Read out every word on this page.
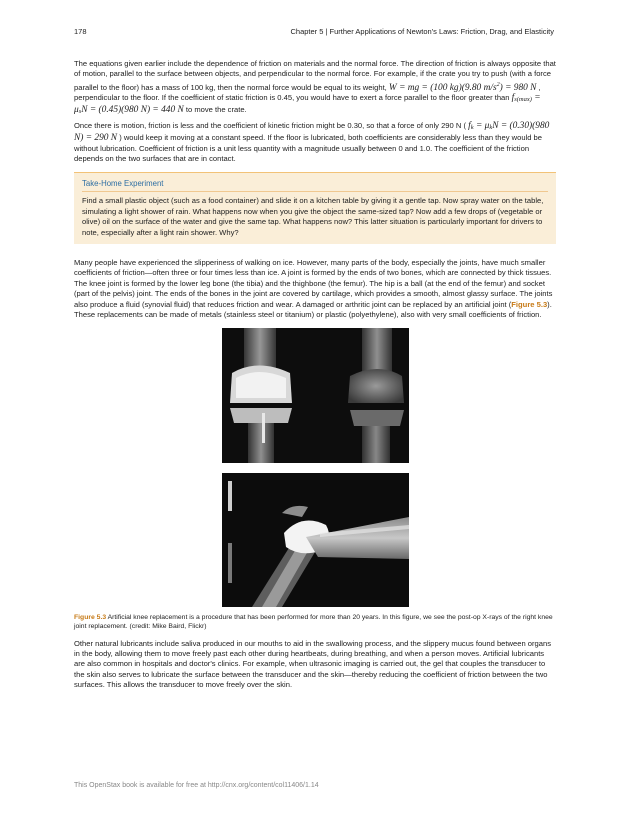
178	Chapter 5 | Further Applications of Newton's Laws: Friction, Drag, and Elasticity

The equations given earlier include the dependence of friction on materials and the normal force. The direction of friction is always opposite that of motion, parallel to the surface between objects, and perpendicular to the normal force. For example, if the crate you try to push (with a force parallel to the floor) has a mass of 100 kg, then the normal force would be equal to its weight, W = mg = (100 kg)(9.80 $m/s^2) = 980$ N , perpendicular to the floor. If the coefficient of static friction is 0.45, you would have to exert a force parallel to the floor greater than fs(max) = μsN = (0.45)(980 N) = 440 N to move the crate.

Once there is motion, friction is less and the coefficient of kinetic friction might be 0.30, so that a force of only 290 N ( fk = μkN = (0.30)(980 N) = 290 N ) would keep it moving at a constant speed. If the floor is lubricated, both coefficients are considerably less than they would be without lubrication. Coefficient of friction is a unit less quantity with a magnitude usually between 0 and 1.0. The coefficient of the friction depends on the two surfaces that are in contact.

Take-Home Experiment

Find a small plastic object (such as a food container) and slide it on a kitchen table by giving it a gentle tap. Now spray water on the table, simulating a light shower of rain. What happens now when you give the object the same-sized tap? Now add a few drops of (vegetable or olive) oil on the surface of the water and give the same tap. What happens now? This latter situation is particularly important for drivers to note, especially after a light rain shower. Why?

Many people have experienced the slipperiness of walking on ice. However, many parts of the body, especially the joints, have much smaller coefficients of friction—often three or four times less than ice. A joint is formed by the ends of two bones, which are connected by thick tissues. The knee joint is formed by the lower leg bone (the tibia) and the thighbone (the femur). The hip is a ball (at the end of the femur) and socket (part of the pelvis) joint. The ends of the bones in the joint are covered by cartilage, which provides a smooth, almost glassy surface. The joints also produce a fluid (synovial fluid) that reduces friction and wear. A damaged or arthritic joint can be replaced by an artificial joint (Figure 5.3). These replacements can be made of metals (stainless steel or titanium) or plastic (polyethylene), also with very small coefficients of friction.

Figure 5.3 Artificial knee replacement is a procedure that has been performed for more than 20 years. In this figure, we see the post-op X-rays of the right knee joint replacement. (credit: Mike Baird, Flickr)

Other natural lubricants include saliva produced in our mouths to aid in the swallowing process, and the slippery mucus found between organs in the body, allowing them to move freely past each other during heartbeats, during breathing, and when a person moves. Artificial lubricants are also common in hospitals and doctor's clinics. For example, when ultrasonic imaging is carried out, the gel that couples the transducer to the skin also serves to lubricate the surface between the transducer and the skin—thereby reducing the coefficient of friction between the two surfaces. This allows the transducer to move freely over the skin.

This OpenStax book is available for free at http://cnx.org/content/col11406/1.14
